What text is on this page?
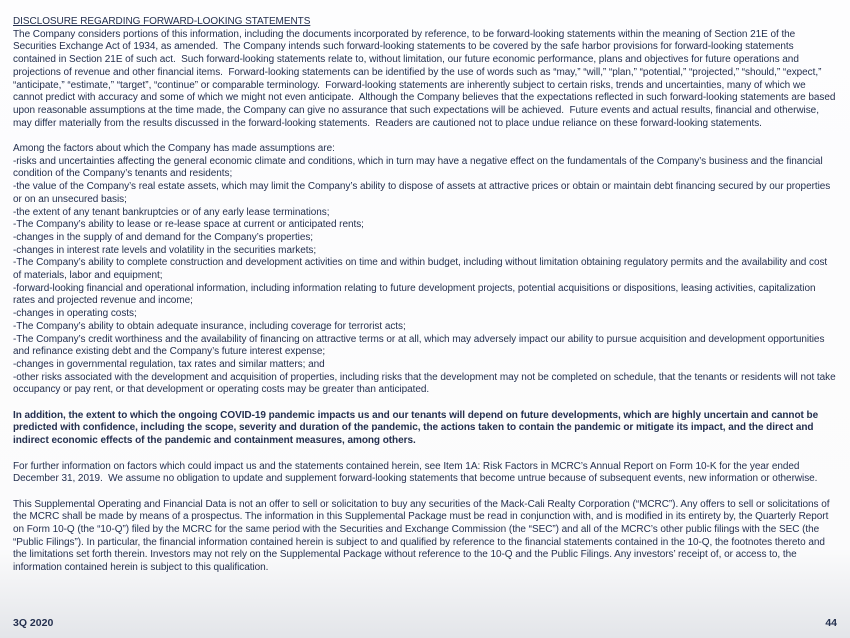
DISCLOSURE REGARDING FORWARD-LOOKING STATEMENTS
The Company considers portions of this information, including the documents incorporated by reference, to be forward-looking statements within the meaning of Section 21E of the Securities Exchange Act of 1934, as amended.  The Company intends such forward-looking statements to be covered by the safe harbor provisions for forward-looking statements contained in Section 21E of such act.  Such forward-looking statements relate to, without limitation, our future economic performance, plans and objectives for future operations and projections of revenue and other financial items.  Forward-looking statements can be identified by the use of words such as “may,” “will,” “plan,” “potential,” “projected,” “should,” “expect,” “anticipate,” “estimate,” “target”, “continue” or comparable terminology.  Forward-looking statements are inherently subject to certain risks, trends and uncertainties, many of which we cannot predict with accuracy and some of which we might not even anticipate.  Although the Company believes that the expectations reflected in such forward-looking statements are based upon reasonable assumptions at the time made, the Company can give no assurance that such expectations will be achieved.  Future events and actual results, financial and otherwise, may differ materially from the results discussed in the forward-looking statements.  Readers are cautioned not to place undue reliance on these forward-looking statements.
Among the factors about which the Company has made assumptions are:
-risks and uncertainties affecting the general economic climate and conditions, which in turn may have a negative effect on the fundamentals of the Company’s business and the financial condition of the Company’s tenants and residents;
-the value of the Company’s real estate assets, which may limit the Company’s ability to dispose of assets at attractive prices or obtain or maintain debt financing secured by our properties or on an unsecured basis;
-the extent of any tenant bankruptcies or of any early lease terminations;
-The Company’s ability to lease or re-lease space at current or anticipated rents;
-changes in the supply of and demand for the Company’s properties;
-changes in interest rate levels and volatility in the securities markets;
-The Company’s ability to complete construction and development activities on time and within budget, including without limitation obtaining regulatory permits and the availability and cost of materials, labor and equipment;
-forward-looking financial and operational information, including information relating to future development projects, potential acquisitions or dispositions, leasing activities, capitalization rates and projected revenue and income;
-changes in operating costs;
-The Company’s ability to obtain adequate insurance, including coverage for terrorist acts;
-The Company’s credit worthiness and the availability of financing on attractive terms or at all, which may adversely impact our ability to pursue acquisition and development opportunities and refinance existing debt and the Company’s future interest expense;
-changes in governmental regulation, tax rates and similar matters; and
-other risks associated with the development and acquisition of properties, including risks that the development may not be completed on schedule, that the tenants or residents will not take occupancy or pay rent, or that development or operating costs may be greater than anticipated.
In addition, the extent to which the ongoing COVID-19 pandemic impacts us and our tenants will depend on future developments, which are highly uncertain and cannot be predicted with confidence, including the scope, severity and duration of the pandemic, the actions taken to contain the pandemic or mitigate its impact, and the direct and indirect economic effects of the pandemic and containment measures, among others.
For further information on factors which could impact us and the statements contained herein, see Item 1A: Risk Factors in MCRC’s Annual Report on Form 10-K for the year ended December 31, 2019.  We assume no obligation to update and supplement forward-looking statements that become untrue because of subsequent events, new information or otherwise.
This Supplemental Operating and Financial Data is not an offer to sell or solicitation to buy any securities of the Mack-Cali Realty Corporation (“MCRC”). Any offers to sell or solicitations of the MCRC shall be made by means of a prospectus. The information in this Supplemental Package must be read in conjunction with, and is modified in its entirety by, the Quarterly Report on Form 10-Q (the “10-Q”) filed by the MCRC for the same period with the Securities and Exchange Commission (the “SEC”) and all of the MCRC’s other public filings with the SEC (the “Public Filings”). In particular, the financial information contained herein is subject to and qualified by reference to the financial statements contained in the 10-Q, the footnotes thereto and the limitations set forth therein. Investors may not rely on the Supplemental Package without reference to the 10-Q and the Public Filings. Any investors’ receipt of, or access to, the information contained herein is subject to this qualification.
3Q 2020	44
